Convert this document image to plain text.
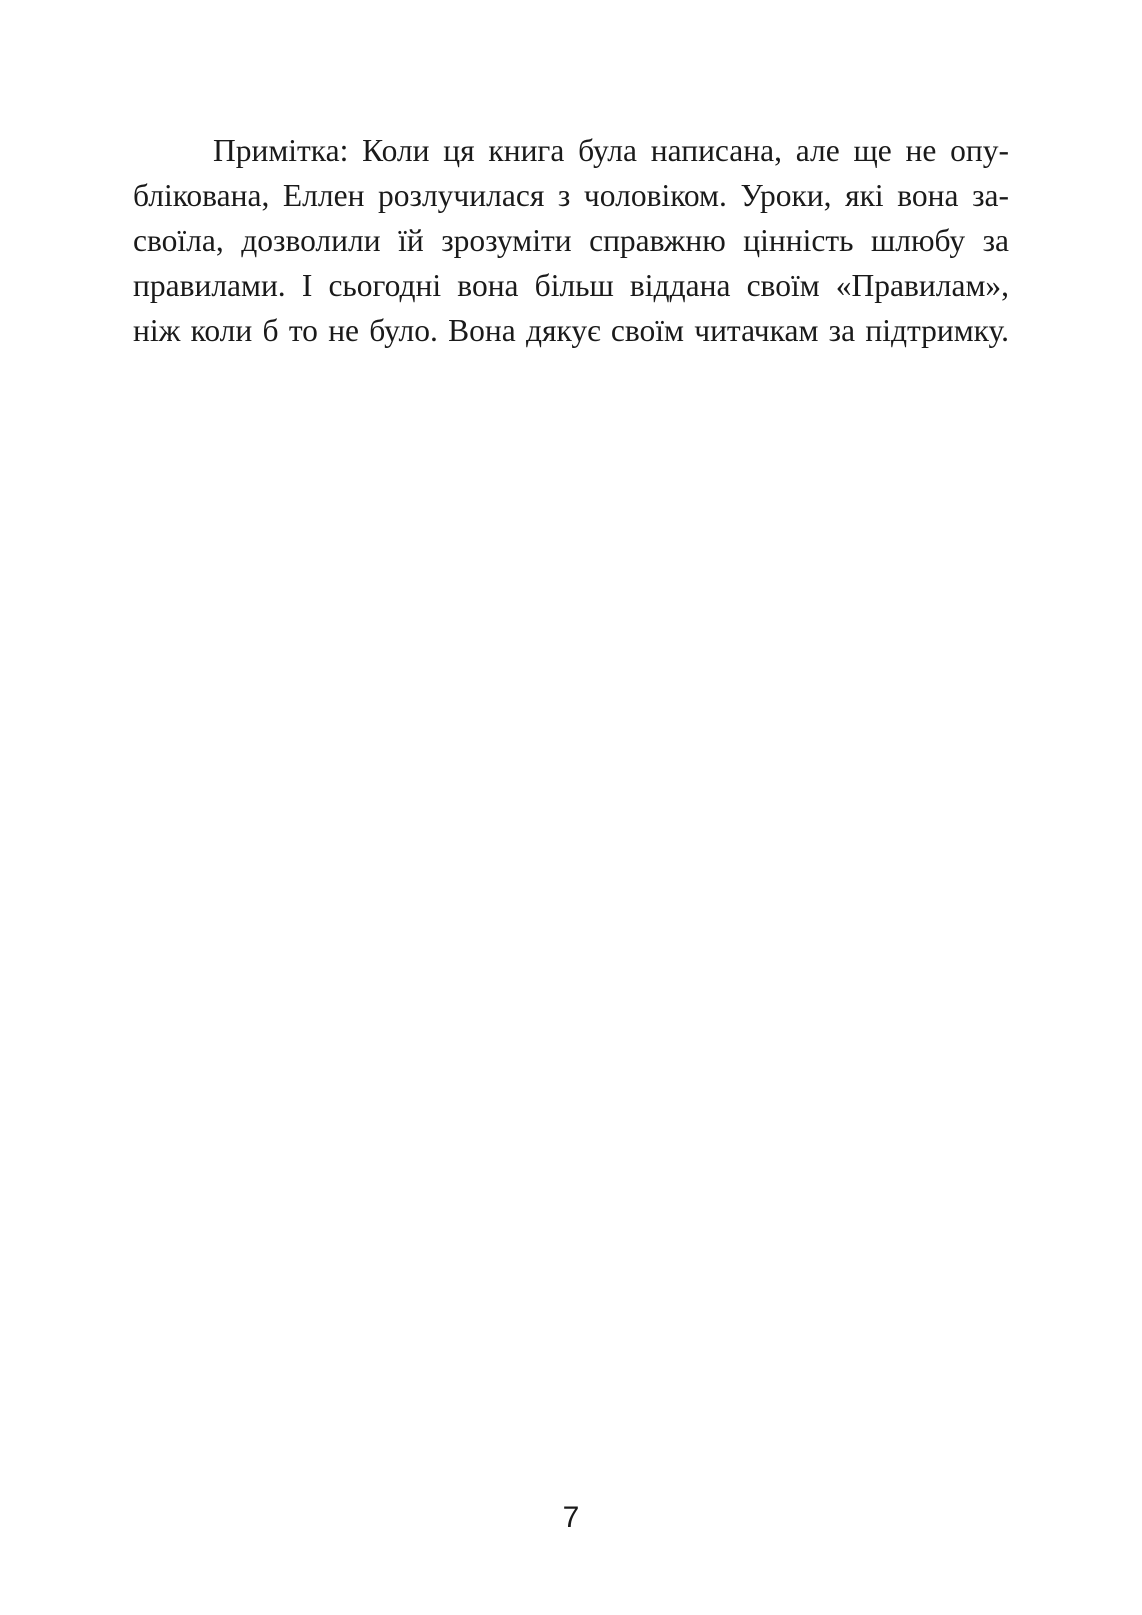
Примітка: Коли ця книга була написана, але ще не опу-
блікована, Еллен розлучилася з чоловіком. Уроки, які вона за-
своїла, дозволили їй зрозуміти справжню цінність шлюбу за
правилами. І сьогодні вона більш віддана своїм «Правилам»,
ніж коли б то не було. Вона дякує своїм читачкам за підтримку.
7
